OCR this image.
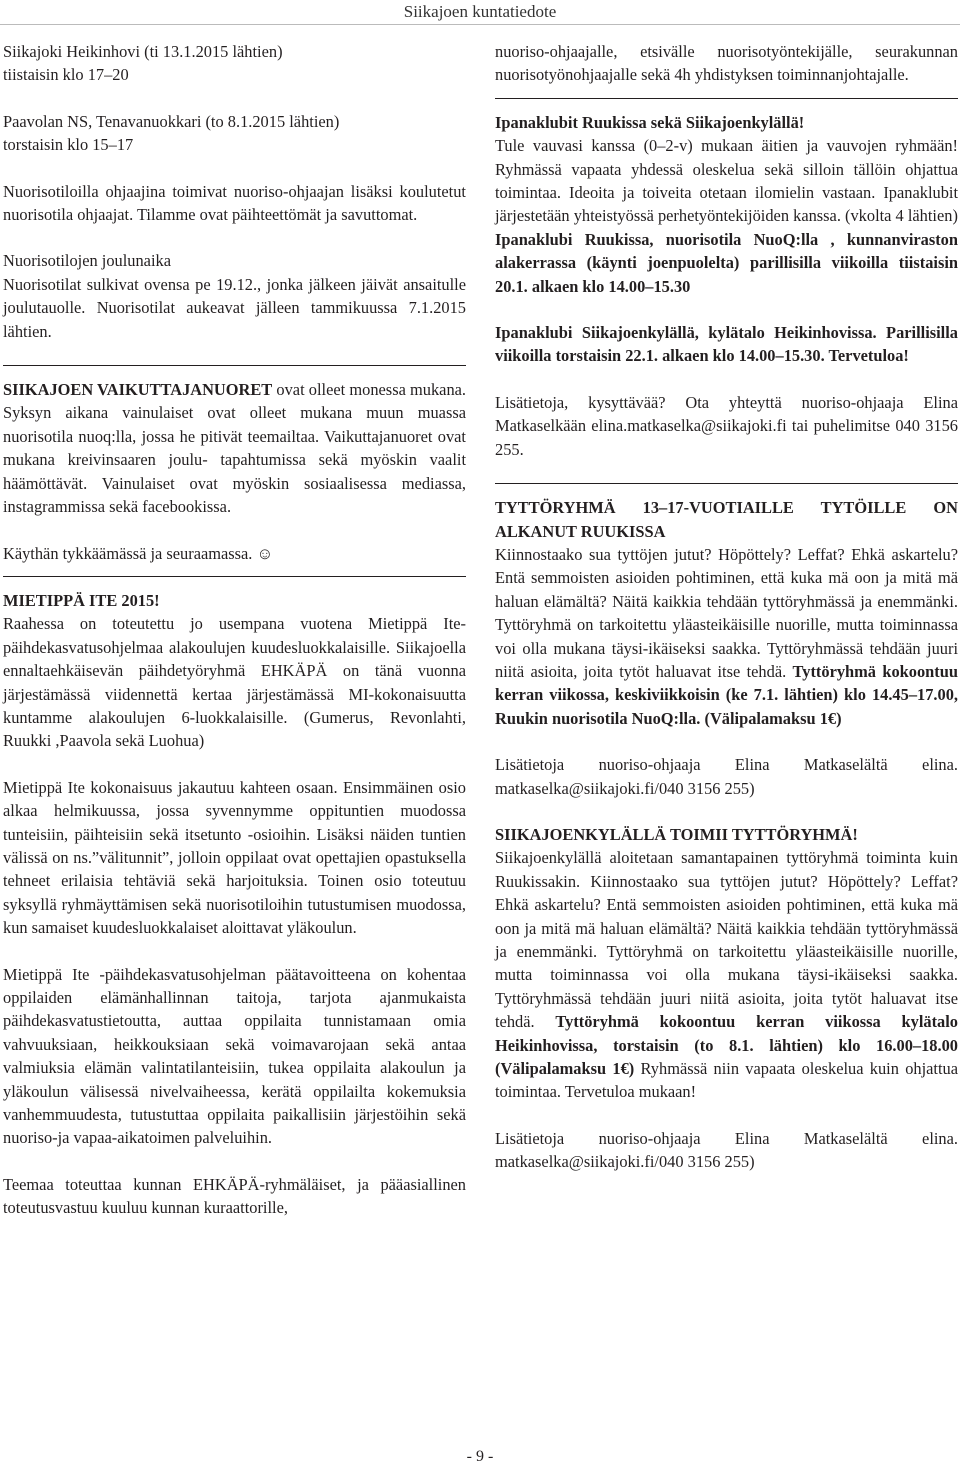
Siikajoen kuntatiedote

Siikajoki Heikinhovi (ti 13.1.2015 lähtien)

tiistaisin klo 17–20

Paavolan NS, Tenavanuokkari (to 8.1.2015 lähtien)

torstaisin klo 15–17

Nuorisotiloilla ohjaajina toimivat nuoriso-ohjaajan lisäksi koulutetut nuorisotila ohjaajat. Tilamme ovat päihteettömät ja savuttomat.

Nuorisotilojen joulunaika

Nuorisotilat sulkivat ovensa pe 19.12., jonka jälkeen jäivät ansaitulle joulutauolle. Nuorisotilat aukeavat jälleen tammikuussa 7.1.2015 lähtien.

SIIKAJOEN VAIKUTTAJANUORET ovat olleet monessa mukana. Syksyn aikana vainulaiset ovat olleet mukana muun muassa nuorisotila nuoq:lla, jossa he pitivät teemailtaa. Vaikuttajanuoret ovat mukana kreivinsaaren joulu- tapahtumissa sekä myöskin vaalit häämöttävät. Vainulaiset ovat myöskin sosiaalisessa mediassa, instagrammissa sekä facebookissa.

Käythän tykkäämässä ja seuraamassa. ☺

MIETIPPÄ ITE 2015!

Raahessa on toteutettu jo usempana vuotena Mietippä Ite- päihdekasvatusohjelmaa alakoulujen kuudesluokkalaisille. Siikajoella ennaltaehkäisevän päihdetyöryhmä EHKÄPÄ on tänä vuonna järjestämässä viidennettä kertaa järjestämässä MI-kokonaisuutta kuntamme alakoulujen 6-luokkalaisille. (Gumerus, Revonlahti, Ruukki ,Paavola sekä Luohua)

Mietippä Ite kokonaisuus jakautuu kahteen osaan. Ensimmäinen osio alkaa helmikuussa, jossa syvennymme oppituntien muodossa tunteisiin, päihteisiin sekä itsetunto -osioihin. Lisäksi näiden tuntien välissä on ns.”välitunnit”, jolloin oppilaat ovat opettajien opastuksella tehneet erilaisia tehtäviä sekä harjoituksia. Toinen osio toteutuu syksyllä ryhmäyttämisen sekä nuorisotiloihin tutustumisen muodossa, kun samaiset kuudesluokkalaiset aloittavat yläkoulun.

Mietippä Ite -päihdekasvatusohjelman päätavoitteena on kohentaa oppilaiden elämänhallinnan taitoja, tarjota ajanmukaista päihdekasvatustietoutta, auttaa oppilaita tunnistamaan omia vahvuuksiaan, heikkouksiaan sekä voimavarojaan sekä antaa valmiuksia elämän valintatilanteisiin, tukea oppilaita alakoulun ja yläkoulun välisessä nivelvaiheessa, kerätä oppilailta kokemuksia vanhemmuudesta, tutustuttaa oppilaita paikallisiin järjestöihin sekä nuoriso-ja vapaa-aikatoimen palveluihin.

Teemaa toteuttaa kunnan EHKÄPÄ-ryhmäläiset, ja pääasiallinen toteutusvastuu kuuluu kunnan kuraattorille,

nuoriso-ohjaajalle, etsivälle nuorisotyöntekijälle, seurakunnan nuorisotyönohjaajalle sekä 4h yhdistyksen toiminnanjohtajalle.

Ipanaklubit Ruukissa sekä Siikajoenkylällä!

Tule vauvasi kanssa (0–2-v) mukaan äitien ja vauvojen ryhmään! Ryhmässä vapaata yhdessä oleskelua sekä silloin tällöin ohjattua toimintaa. Ideoita ja toiveita otetaan ilomielin vastaan. Ipanaklubit järjestetään yhteistyössä perhetyöntekijöiden kanssa. (vkolta 4 lähtien)

Ipanaklubi Ruukissa, nuorisotila NuoQ:lla , kunnanviraston alakerrassa (käynti joenpuolelta) parillisilla viikoilla tiistaisin 20.1. alkaen klo 14.00–15.30

Ipanaklubi Siikajoenkylällä, kylätalo Heikinhovissa. Parillisilla viikoilla torstaisin 22.1. alkaen klo 14.00–15.30. Tervetuloa!

Lisätietoja, kysyttävää? Ota yhteyttä nuoriso-ohjaaja Elina Matkaselkään elina.matkaselka@siikajoki.fi tai puhelimitse 040 3156 255.

TYTTÖRYHMÄ 13–17-VUOTIAILLE TYTÖILLE ON ALKANUT RUUKISSA

Kiinnostaako sua tyttöjen jutut? Höpöttely? Leffat? Ehkä askartelu? Entä semmoisten asioiden pohtiminen, että kuka mä oon ja mitä mä haluan elämältä? Näitä kaikkia tehdään tyttöryhmässä ja enemmänki. Tyttöryhmä on tarkoitettu yläasteikäisille nuorille, mutta toiminnassa voi olla mukana täysi-ikäiseksi saakka. Tyttöryhmässä tehdään juuri niitä asioita, joita tytöt haluavat itse tehdä. Tyttöryhmä kokoontuu kerran viikossa, keskiviikkoisin (ke 7.1. lähtien) klo 14.45–17.00, Ruukin nuorisotila NuoQ:lla. (Välipalamaksu 1€)

Lisätietoja nuoriso-ohjaaja Elina Matkaselältä elina. matkaselka@siikajoki.fi/040 3156 255)

SIIKAJOENKYLÄLLÄ TOIMII TYTTÖRYHMÄ!

Siikajoenkylällä aloitetaan samantapainen tyttöryhmä toiminta kuin Ruukissakin. Kiinnostaako sua tyttöjen jutut? Höpöttely? Leffat? Ehkä askartelu? Entä semmoisten asioiden pohtiminen, että kuka mä oon ja mitä mä haluan elämältä? Näitä kaikkia tehdään tyttöryhmässä ja enemmänki. Tyttöryhmä on tarkoitettu yläasteikäisille nuorille, mutta toiminnassa voi olla mukana täysi-ikäiseksi saakka. Tyttöryhmässä tehdään juuri niitä asioita, joita tytöt haluavat itse tehdä. Tyttöryhmä kokoontuu kerran viikossa kylätalo Heikinhovissa, torstaisin (to 8.1. lähtien) klo 16.00–18.00 (Välipalamaksu 1€) Ryhmässä niin vapaata oleskelua kuin ohjattua toimintaa. Tervetuloa mukaan!

Lisätietoja nuoriso-ohjaaja Elina Matkaselältä elina. matkaselka@siikajoki.fi/040 3156 255)

- 9 -
